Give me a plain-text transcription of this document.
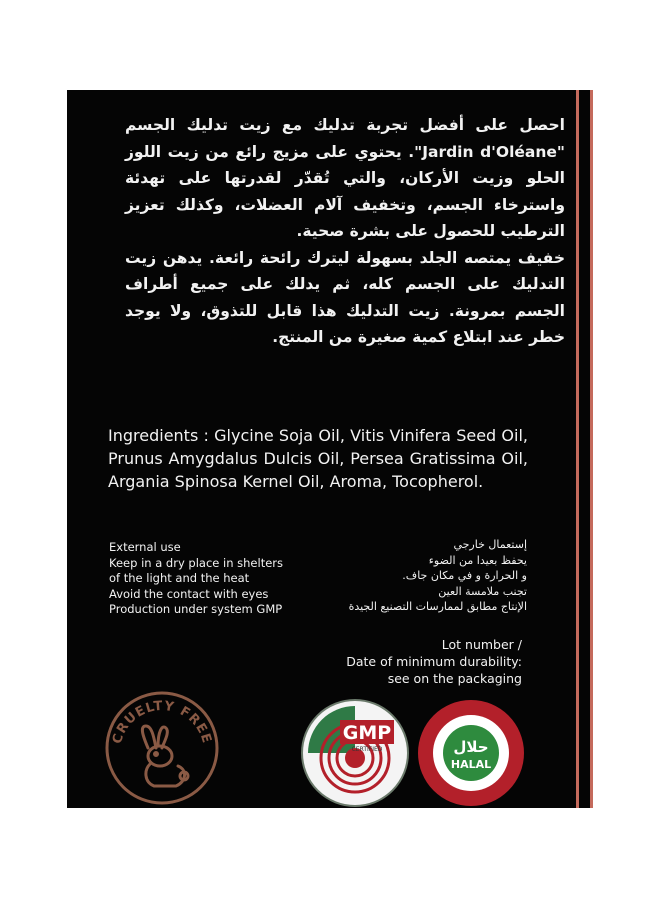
احصل على أفضل تجربة تدليك مع زيت تدليك الجسم "Jardin d'Oléane". يحتوي على مزيج رائع من زيت اللوز الحلو وزيت الأركان، والتي تُقدّر لقدرتها على تهدئة واسترخاء الجسم، وتخفيف آلام العضلات، وكذلك تعزيز الترطيب للحصول على بشرة صحية.

خفيف يمتصه الجلد بسهولة ليترك رائحة رائعة. يدهن زيت التدليك على الجسم كله، ثم يدلك على جميع أطراف الجسم بمرونة. زيت التدليك هذا قابل للتذوق، ولا يوجد خطر عند ابتلاع كمية صغيرة من المنتج.

Ingredients : Glycine Soja Oil, Vitis Vinifera Seed Oil, Prunus Amygdalus Dulcis Oil, Persea Gratissima Oil, Argania Spinosa Kernel Oil, Aroma, Tocopherol.
External use
Keep in a dry place in shelters
of the light and the heat
Avoid the contact with eyes
Production under system GMP
إستعمال خارجي
يحفظ بعيدا من الضوء
و الحرارة و في مكان جاف.
تجنب ملامسة العين
الإنتاج مطابق لممارسات التصنيع الجيدة
Lot number /
Date of minimum durability:
see on the packaging
CRUELTY FREE	GMP
CERTIFIED	حلال
HALAL
